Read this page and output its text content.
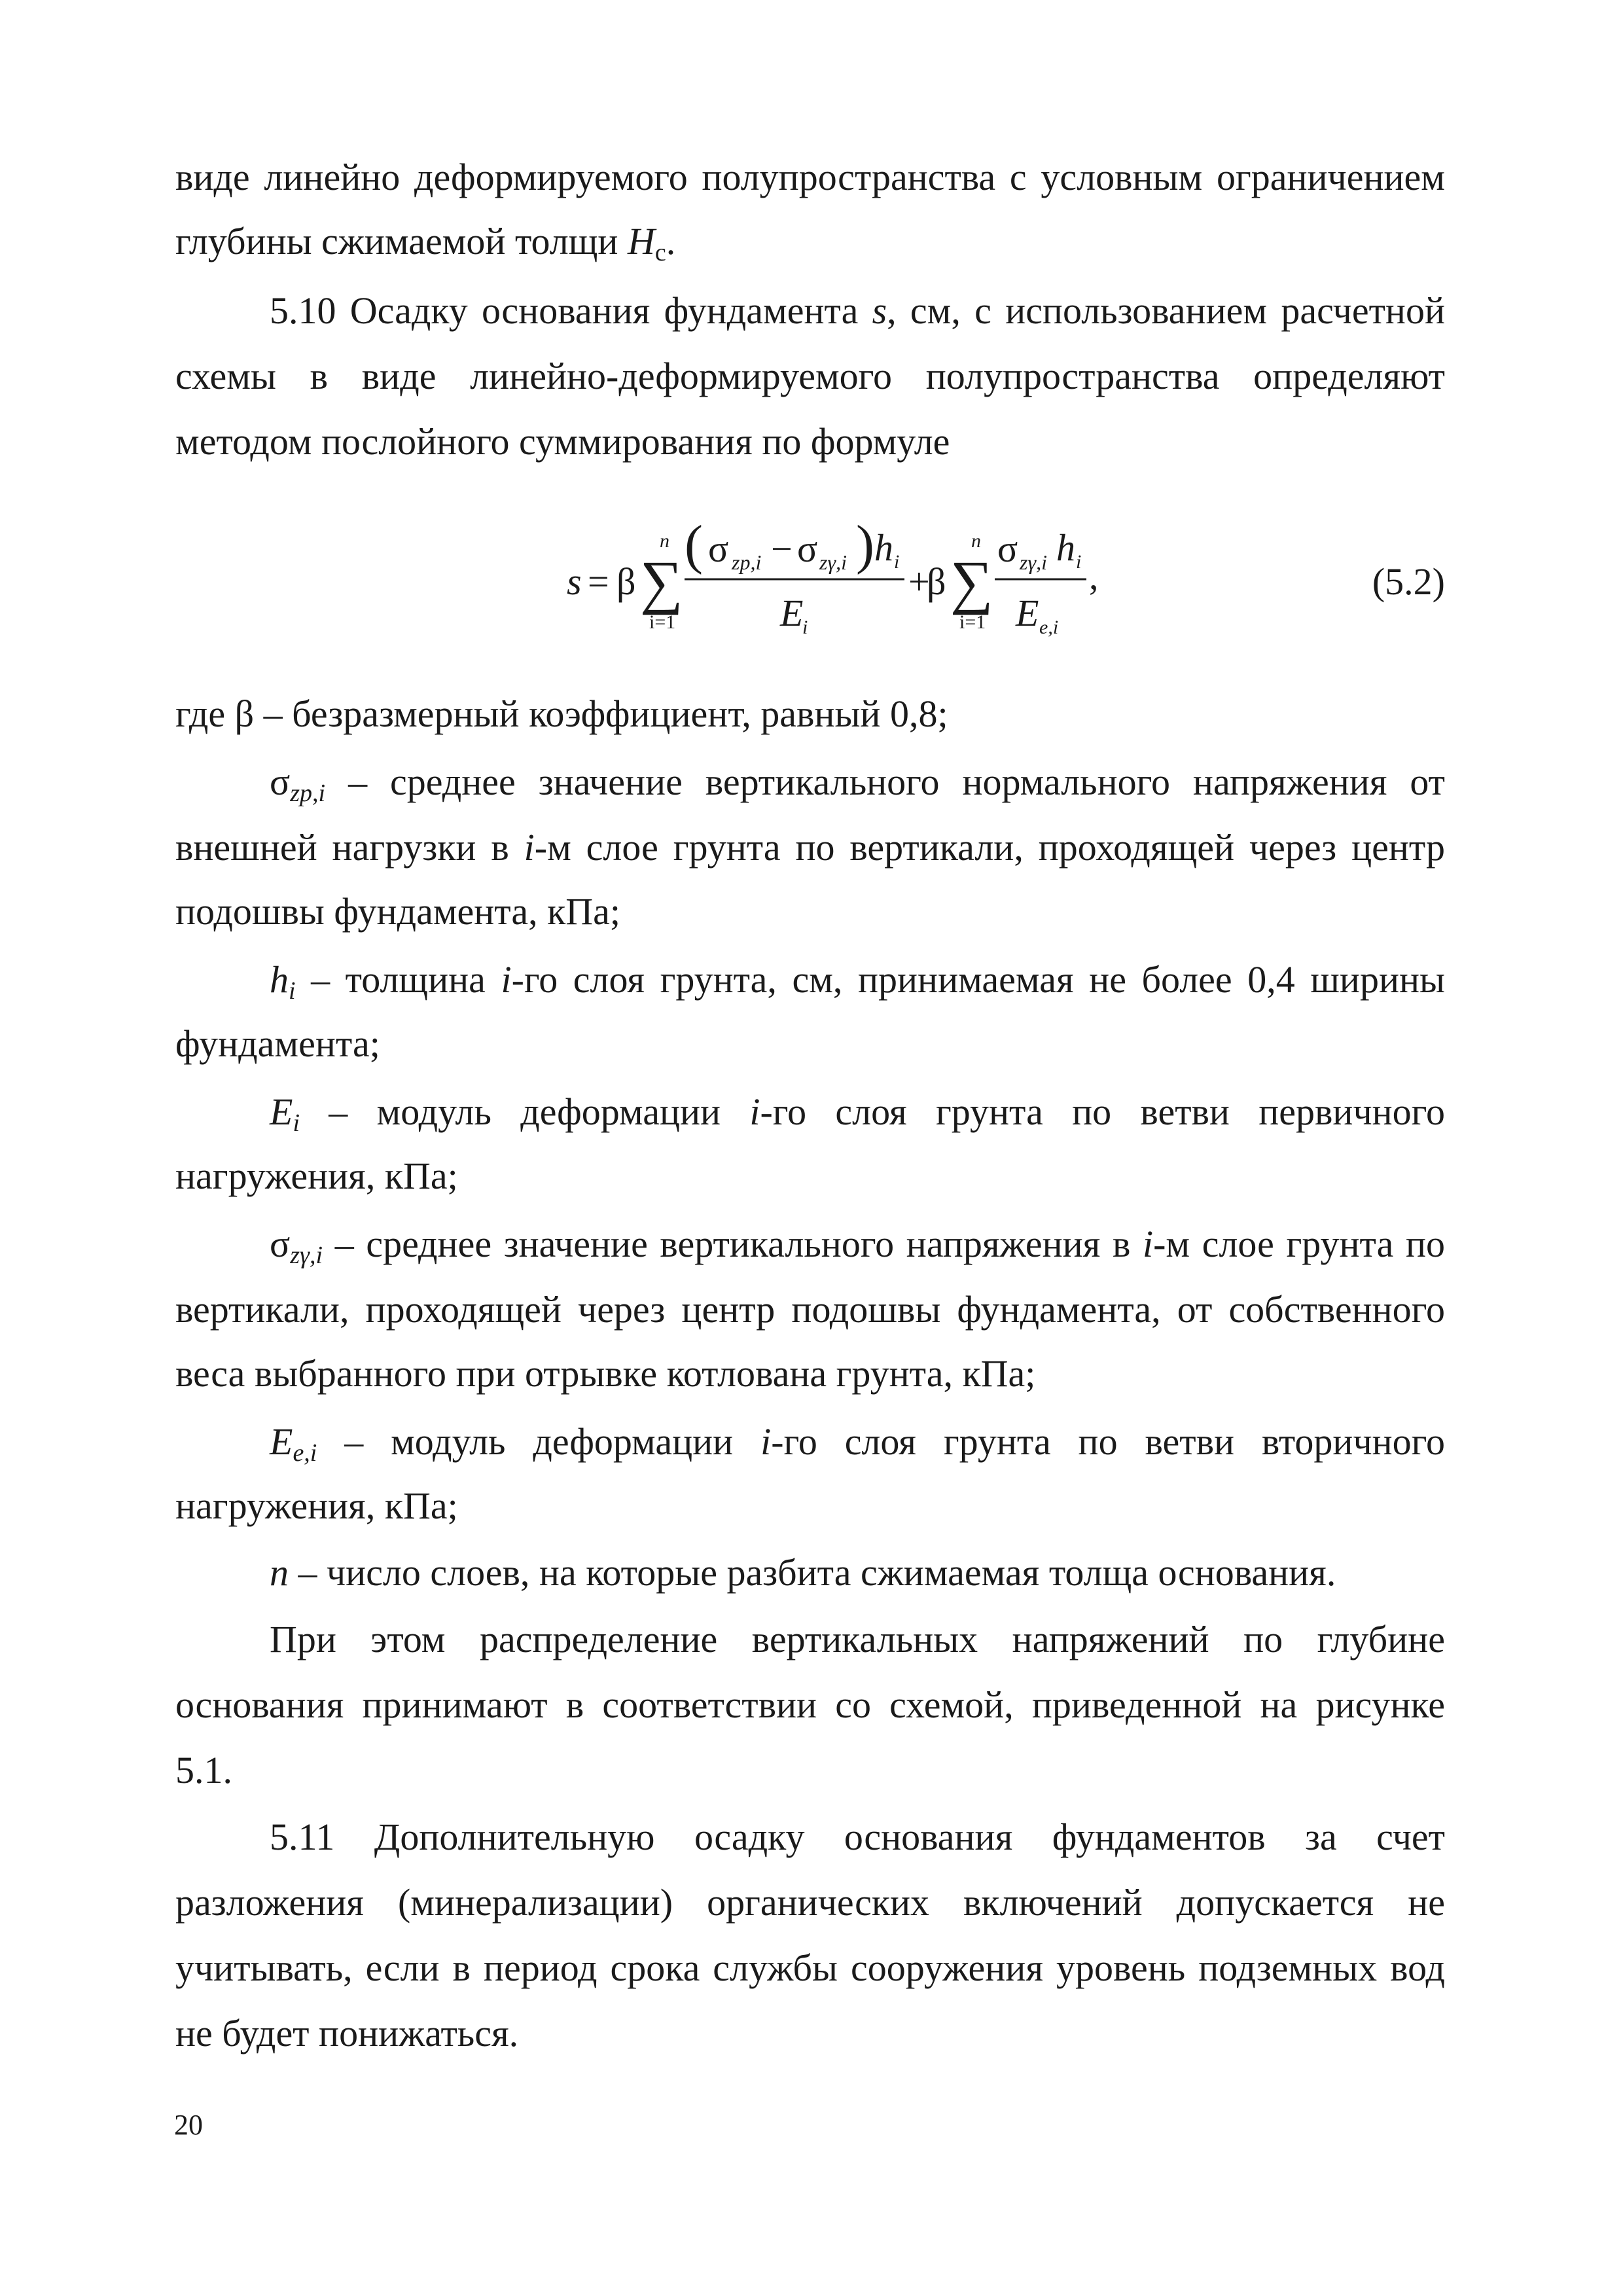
виде линейно деформируемого полупространства с условным ограничением
глубины сжимаемой толщи $H_c$.
5.10 Осадку основания фундамента s, см, с использованием расчетной
схемы в виде линейно-деформируемого полупространства определяют
методом послойного суммирования по формуле
s = β ∑
n
i=1
( σ zp,i − σ zγ,i ) h i
E
i
+
β ∑
n
i=1
σ zγ,i h i
E e,i
,	(5.2)
где β – безразмерный коэффициент, равный 0,8;
$\sigma_{zp,i}$ – среднее значение вертикального нормального напряжения от
внешней нагрузки в i-м слое грунта по вертикали, проходящей через центр
подошвы фундамента, кПа;
$h_i$ – толщина i-го слоя грунта, см, принимаемая не более 0,4 ширины
фундамента;
$E_i$ – модуль деформации i-го слоя грунта по ветви первичного
нагружения, кПа;
$\sigma_{z\gamma,i}$ – среднее значение вертикального напряжения в i-м слое грунта по
вертикали, проходящей через центр подошвы фундамента, от собственного
веса выбранного при отрывке котлована грунта, кПа;
$E_{e,i}$ – модуль деформации i-го слоя грунта по ветви вторичного
нагружения, кПа;
n – число слоев, на которые разбита сжимаемая толща основания.
При этом распределение вертикальных напряжений по глубине
основания принимают в соответствии со схемой, приведенной на рисунке
5.1.
5.11 Дополнительную осадку основания фундаментов за счет
разложения (минерализации) органических включений допускается не
учитывать, если в период срока службы сооружения уровень подземных вод
не будет понижаться.
20
